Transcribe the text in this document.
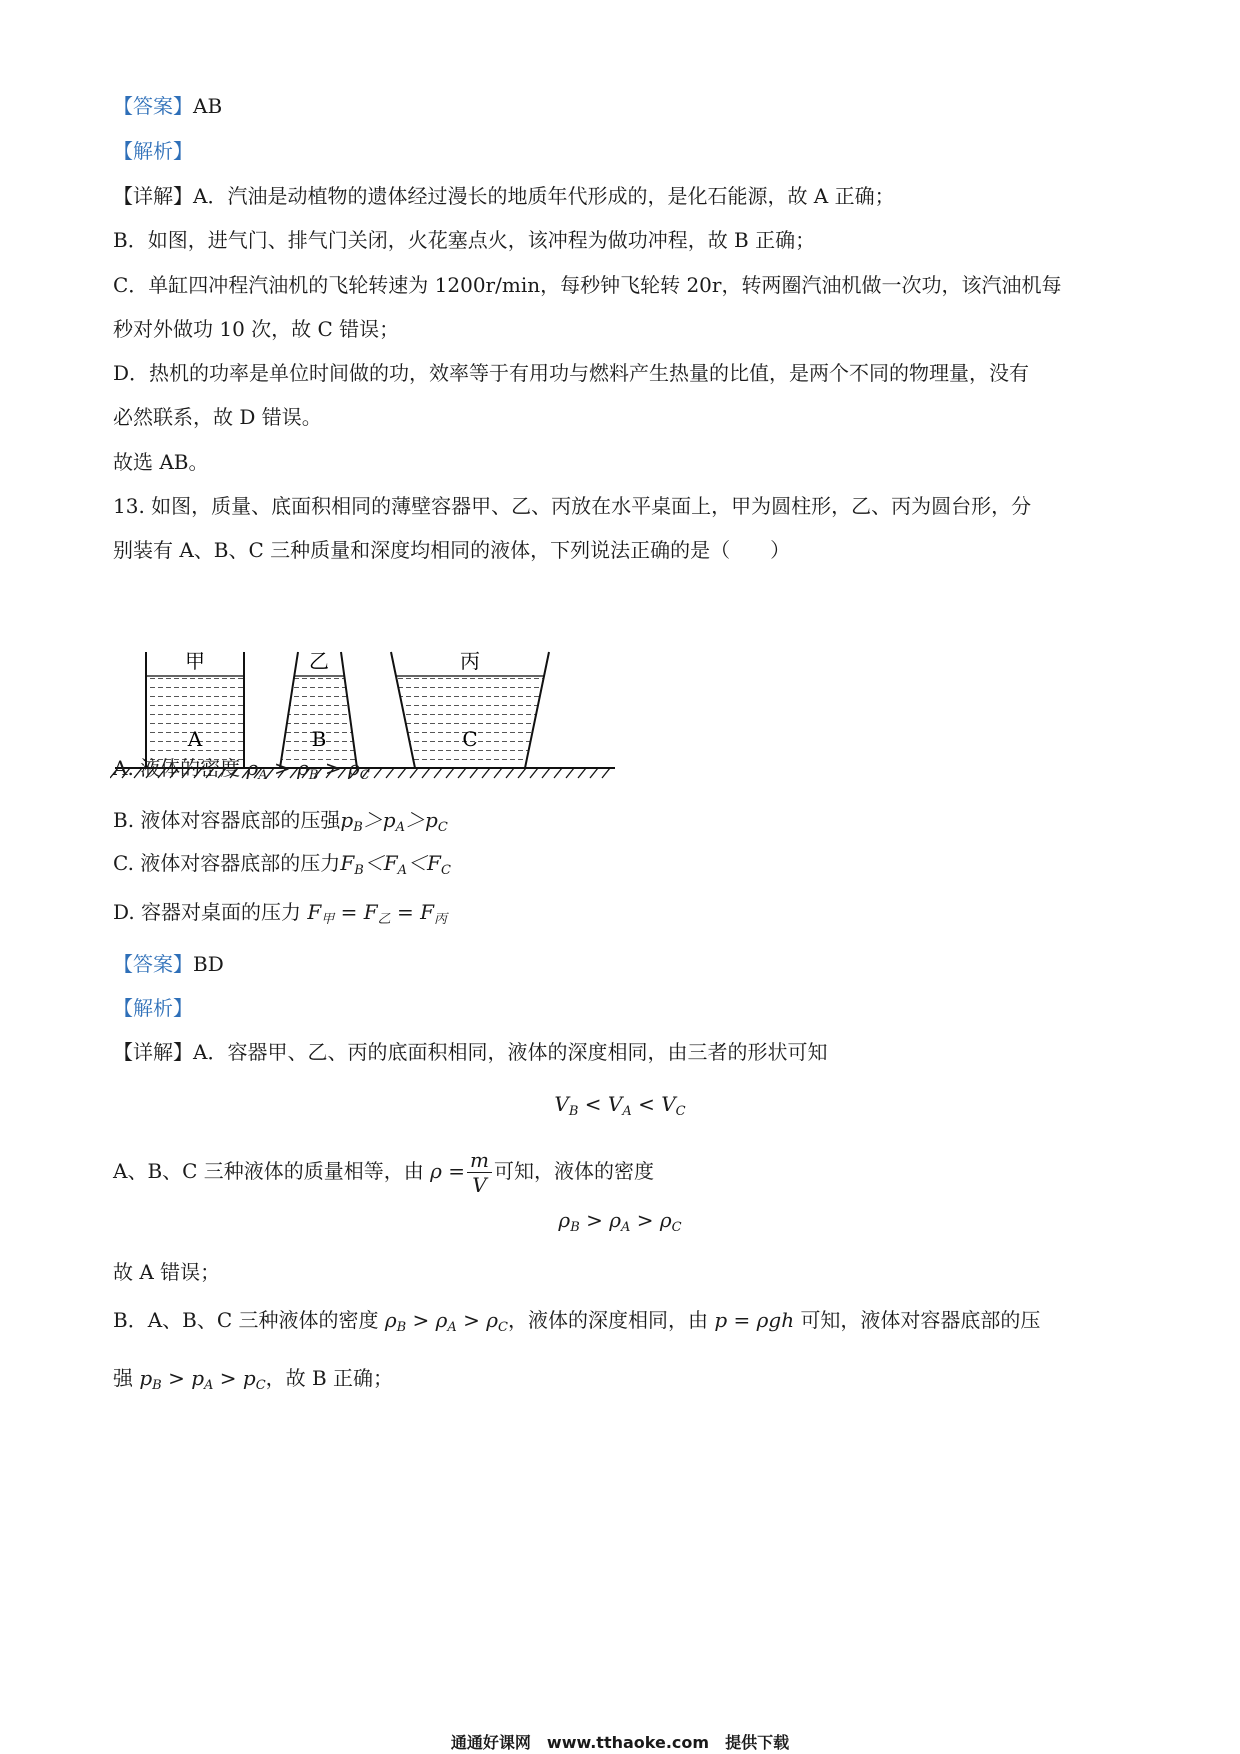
【答案】AB
【解析】
【详解】A．汽油是动植物的遗体经过漫长的地质年代形成的，是化石能源，故 A 正确；
B．如图，进气门、排气门关闭，火花塞点火，该冲程为做功冲程，故 B 正确；
C．单缸四冲程汽油机的飞轮转速为 1200r/min，每秒钟飞轮转 20r，转两圈汽油机做一次功，该汽油机每
秒对外做功 10 次，故 C 错误；
D．热机的功率是单位时间做的功，效率等于有用功与燃料产生热量的比值，是两个不同的物理量，没有
必然联系，故 D 错误。
故选 AB。
13. 如图，质量、底面积相同的薄壁容器甲、乙、丙放在水平桌面上，甲为圆柱形，乙、丙为圆台形，分
别装有 A、B、C 三种质量和深度均相同的液体，下列说法正确的是（　　）
甲
A
乙
B
丙
C
A. 液体的密度 $\rho_A > \rho_B > \rho_C$
B. 液体对容器底部的压强$p_B>p_A>p_C$
C. 液体对容器底部的压力$F_B<F_A<F_C$
D. 容器对桌面的压力 $F_甲 = F_乙 = F_丙$
【答案】BD
【解析】
【详解】A．容器甲、乙、丙的底面积相同，液体的深度相同，由三者的形状可知
$V_B < V_A < V_C$
A、B、C 三种液体的质量相等，由 $\rho = \frac{m}{V}$ 可知，液体的密度
$\rho_B > \rho_A > \rho_C$
故 A 错误；
B．A、B、C 三种液体的密度 $\rho_B > \rho_A > \rho_C$，液体的深度相同，由 p = ρgh 可知，液体对容器底部的压
强 $p_B > p_A > p_C$，故 B 正确；
通通好课网　www.tthaoke.com　提供下载
